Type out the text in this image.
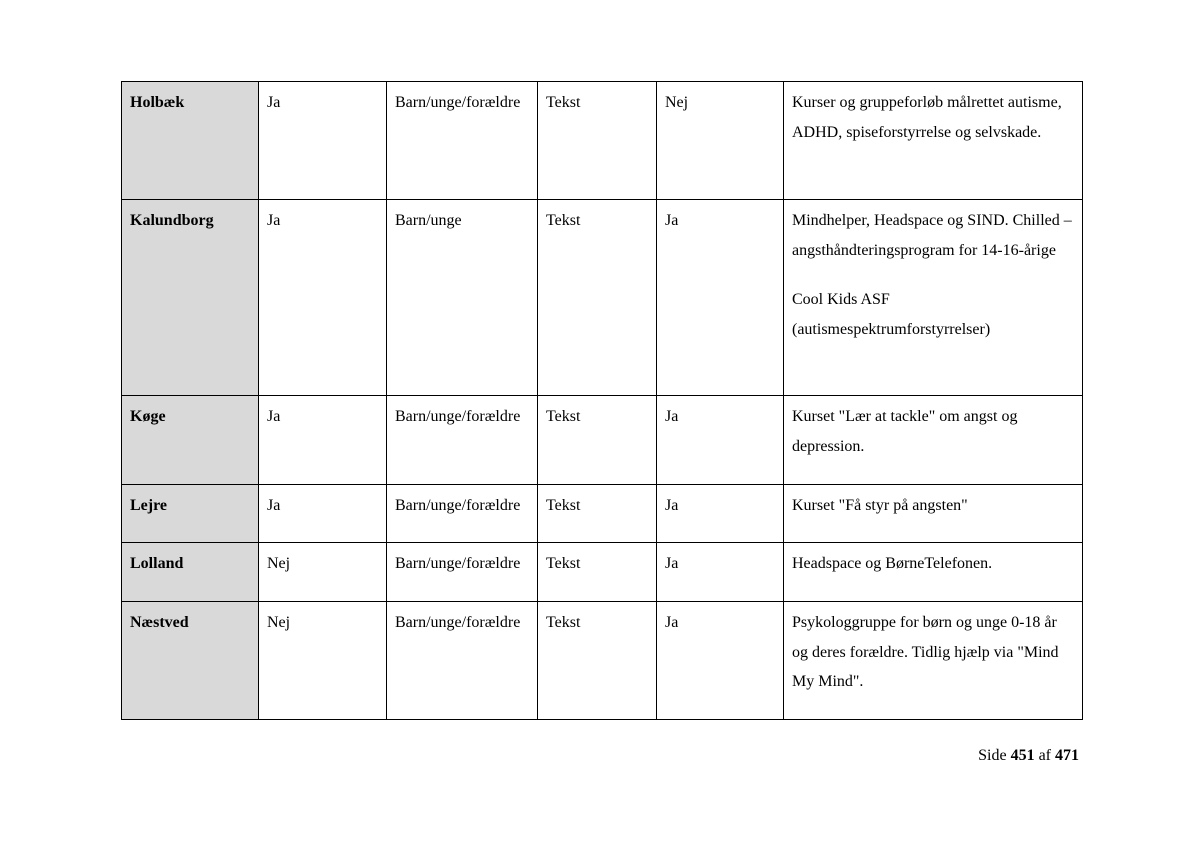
Holbæk	Ja	Barn/unge/forældre	Tekst	Nej	Kurser og gruppeforløb målrettet autisme, ADHD, spiseforstyrrelse og selvskade.

Kalundborg	Ja	Barn/unge	Tekst	Ja	Mindhelper, Headspace og SIND. Chilled – angsthåndteringsprogram for 14-16-årige

Cool Kids ASF (autismespektrumforstyrrelser)

Køge	Ja	Barn/unge/forældre	Tekst	Ja	Kurset "Lær at tackle" om angst og depression.

Lejre	Ja	Barn/unge/forældre	Tekst	Ja	Kurset "Få styr på angsten"

Lolland	Nej	Barn/unge/forældre	Tekst	Ja	Headspace og BørneTelefonen.

Næstved	Nej	Barn/unge/forældre	Tekst	Ja	Psykologgruppe for børn og unge 0-18 år og deres forældre. Tidlig hjælp via "Mind My Mind".

Side 451 af 471
